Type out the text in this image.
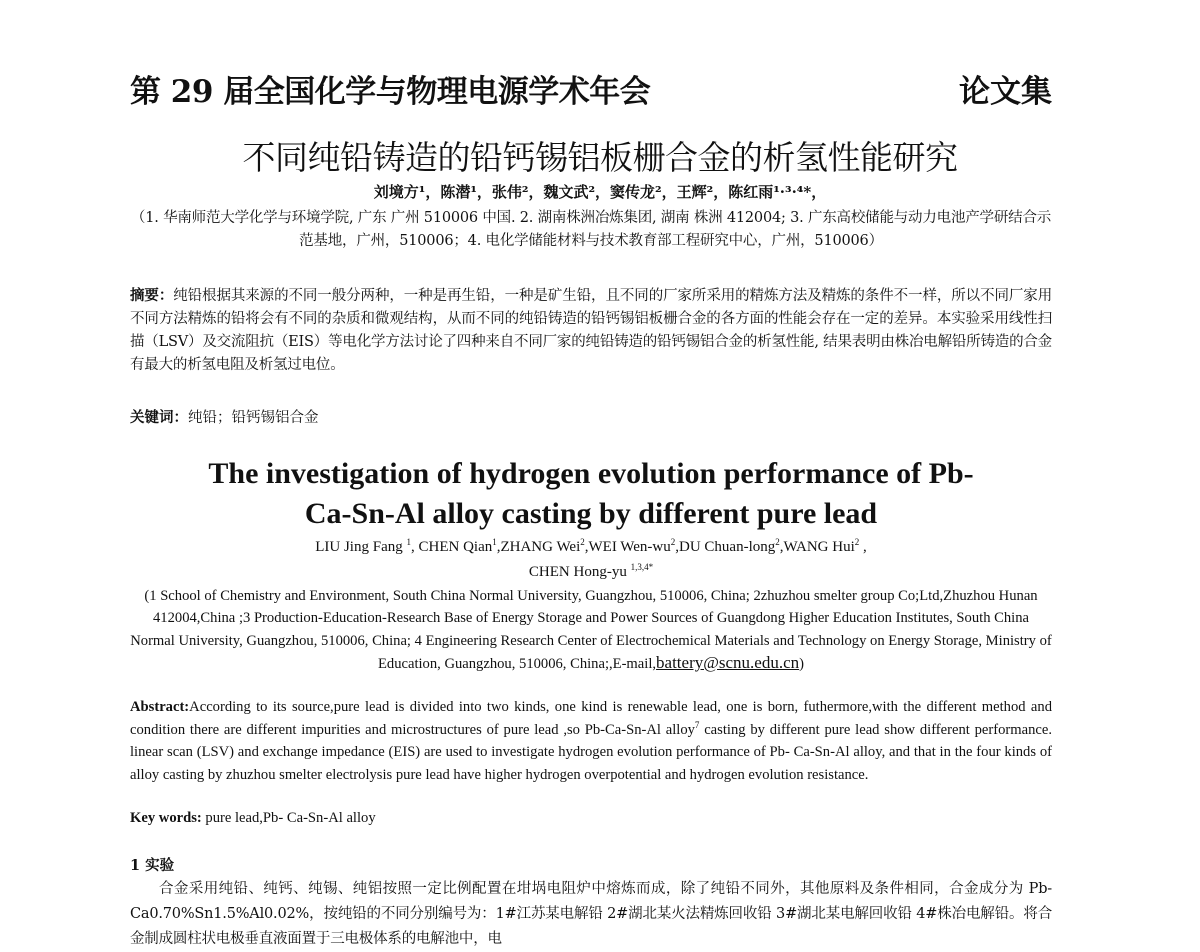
第 29 届全国化学与物理电源学术年会	论文集
不同纯铅铸造的铅钙锡铝板栅合金的析氢性能研究
刘境方¹，陈潜¹，张伟²，魏文武²，窦传龙²，王辉²，陈红雨¹·³·⁴*，
（1. 华南师范大学化学与环境学院, 广东 广州 510006 中国. 2. 湖南株洲冶炼集团, 湖南 株洲 412004; 3. 广东高校储能与动力电池产学研结合示范基地，广州，510006；4. 电化学储能材料与技术教育部工程研究中心，广州，510006）
摘要：纯铅根据其来源的不同一般分两种，一种是再生铅，一种是矿生铅，且不同的厂家所采用的精炼方法及精炼的条件不一样，所以不同厂家用不同方法精炼的铅将会有不同的杂质和微观结构，从而不同的纯铅铸造的铅钙锡铝板栅合金的各方面的性能会存在一定的差异。本实验采用线性扫描（LSV）及交流阻抗（EIS）等电化学方法讨论了四种来自不同厂家的纯铅铸造的铅钙锡铝合金的析氢性能, 结果表明由株冶电解铅所铸造的合金有最大的析氢电阻及析氢过电位。
关键词：纯铅；铅钙锡铝合金
The investigation of hydrogen evolution performance of Pb-
Ca-Sn-Al alloy casting by different pure lead
LIU Jing Fang $^1$, CHEN Qian$^1$,ZHANG Wei$^2$,WEI Wen-$wu^2,DU$ Chuan-long$^2$,WANG Hui$^2$ ,
CHEN Hong-yu $^{1,3,4*}$
(1 School of Chemistry and Environment, South China Normal University, Guangzhou, 510006, China; 2zhuzhou smelter group Co;Ltd,Zhuzhou Hunan 412004,China ;3 Production-Education-Research Base of Energy Storage and Power Sources of Guangdong Higher Education Institutes, South China Normal University, Guangzhou, 510006, China; 4 Engineering Research Center of Electrochemical Materials and Technology on Energy Storage, Ministry of Education, Guangzhou, 510006, China;,E-mail,battery@scnu.edu.cn)
Abstract:According to its source,pure lead is divided into two kinds, one kind is renewable lead, one is born, futhermore,with the different method and condition there are different impurities and microstructures of pure lead ,so Pb-Ca-Sn-Al alloy$^7$ casting by different pure lead show different performance. linear scan (LSV) and exchange impedance (EIS) are used to investigate hydrogen evolution performance of Pb- Ca-Sn-Al alloy, and that in the four kinds of alloy casting by zhuzhou smelter electrolysis pure lead have higher hydrogen overpotential and hydrogen evolution resistance.
Key words: pure lead,Pb- Ca-Sn-Al alloy
1 实验
合金采用纯铅、纯钙、纯锡、纯铝按照一定比例配置在坩埚电阻炉中熔炼而成，除了纯铅不同外，其他原料及条件相同，合金成分为 Pb-Ca0.70%Sn1.5%Al0.02%，按纯铅的不同分别编号为：1#江苏某电解铅 2#湖北某火法精炼回收铅 3#湖北某电解回收铅 4#株冶电解铅。将合金制成圆柱状电极垂直液面置于三电极体系的电解池中，电
